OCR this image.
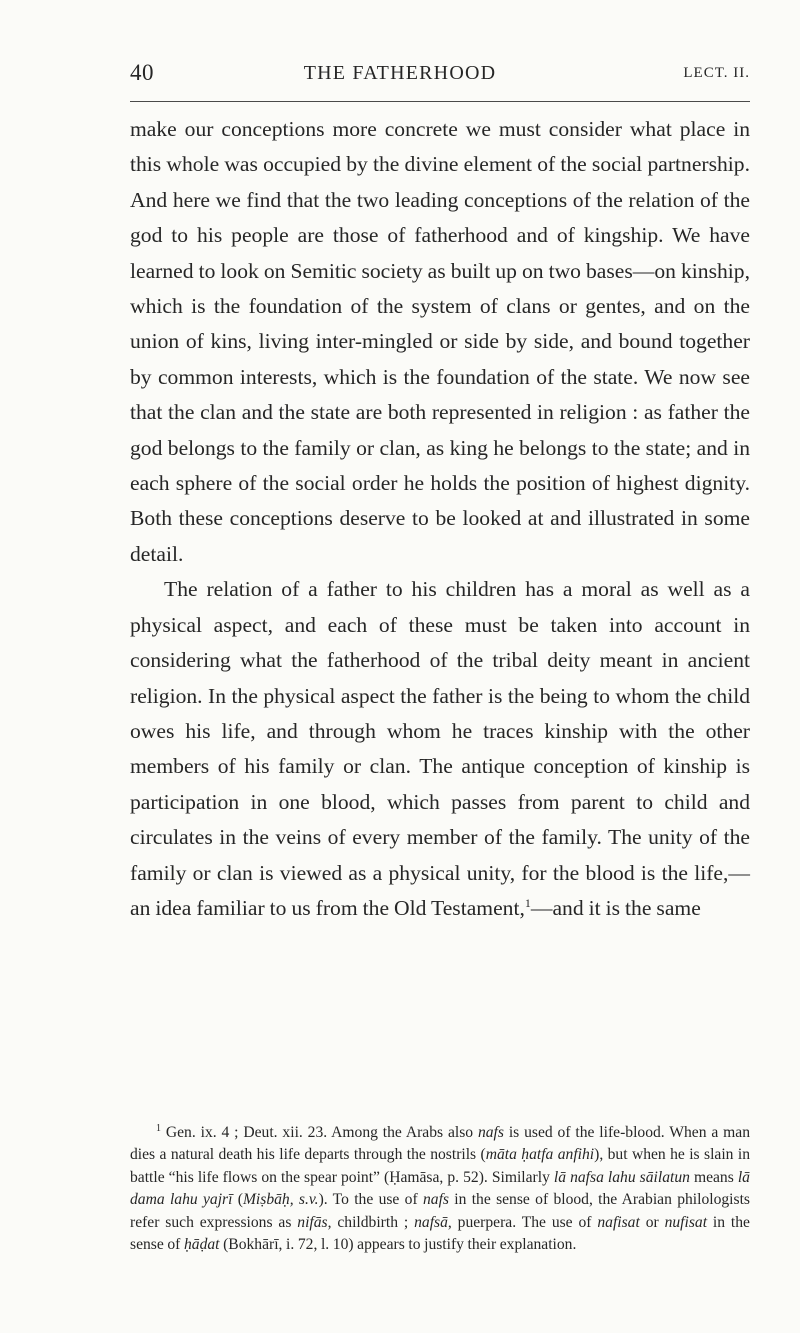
40	THE FATHERHOOD	LECT. II.

make our conceptions more concrete we must consider what place in this whole was occupied by the divine element of the social partnership. And here we find that the two leading conceptions of the relation of the god to his people are those of fatherhood and of kingship. We have learned to look on Semitic society as built up on two bases—on kinship, which is the foundation of the system of clans or gentes, and on the union of kins, living inter-mingled or side by side, and bound together by common interests, which is the foundation of the state. We now see that the clan and the state are both represented in religion : as father the god belongs to the family or clan, as king he belongs to the state; and in each sphere of the social order he holds the position of highest dignity. Both these conceptions deserve to be looked at and illustrated in some detail.

The relation of a father to his children has a moral as well as a physical aspect, and each of these must be taken into account in considering what the fatherhood of the tribal deity meant in ancient religion. In the physical aspect the father is the being to whom the child owes his life, and through whom he traces kinship with the other members of his family or clan. The antique conception of kinship is participation in one blood, which passes from parent to child and circulates in the veins of every member of the family. The unity of the family or clan is viewed as a physical unity, for the blood is the life,—an idea familiar to us from the Old Testament,$^1$—and it is the same

$^1$ Gen. ix. 4 ; Deut. xii. 23. Among the Arabs also nafs is used of the life-blood. When a man dies a natural death his life departs through the nostrils (māta ḥatfa anfihi), but when he is slain in battle “his life flows on the spear point” (Ḥamāsa, p. 52). Similarly lā nafsa lahu sāilatun means lā dama lahu yajrī (Miṣbāḥ, s.v.). To the use of nafs in the sense of blood, the Arabian philologists refer such expressions as nifās, childbirth ; nafsā, puerpera. The use of nafisat or nufisat in the sense of ḥāḍat (Bokhārī, i. 72, l. 10) appears to justify their explanation.
